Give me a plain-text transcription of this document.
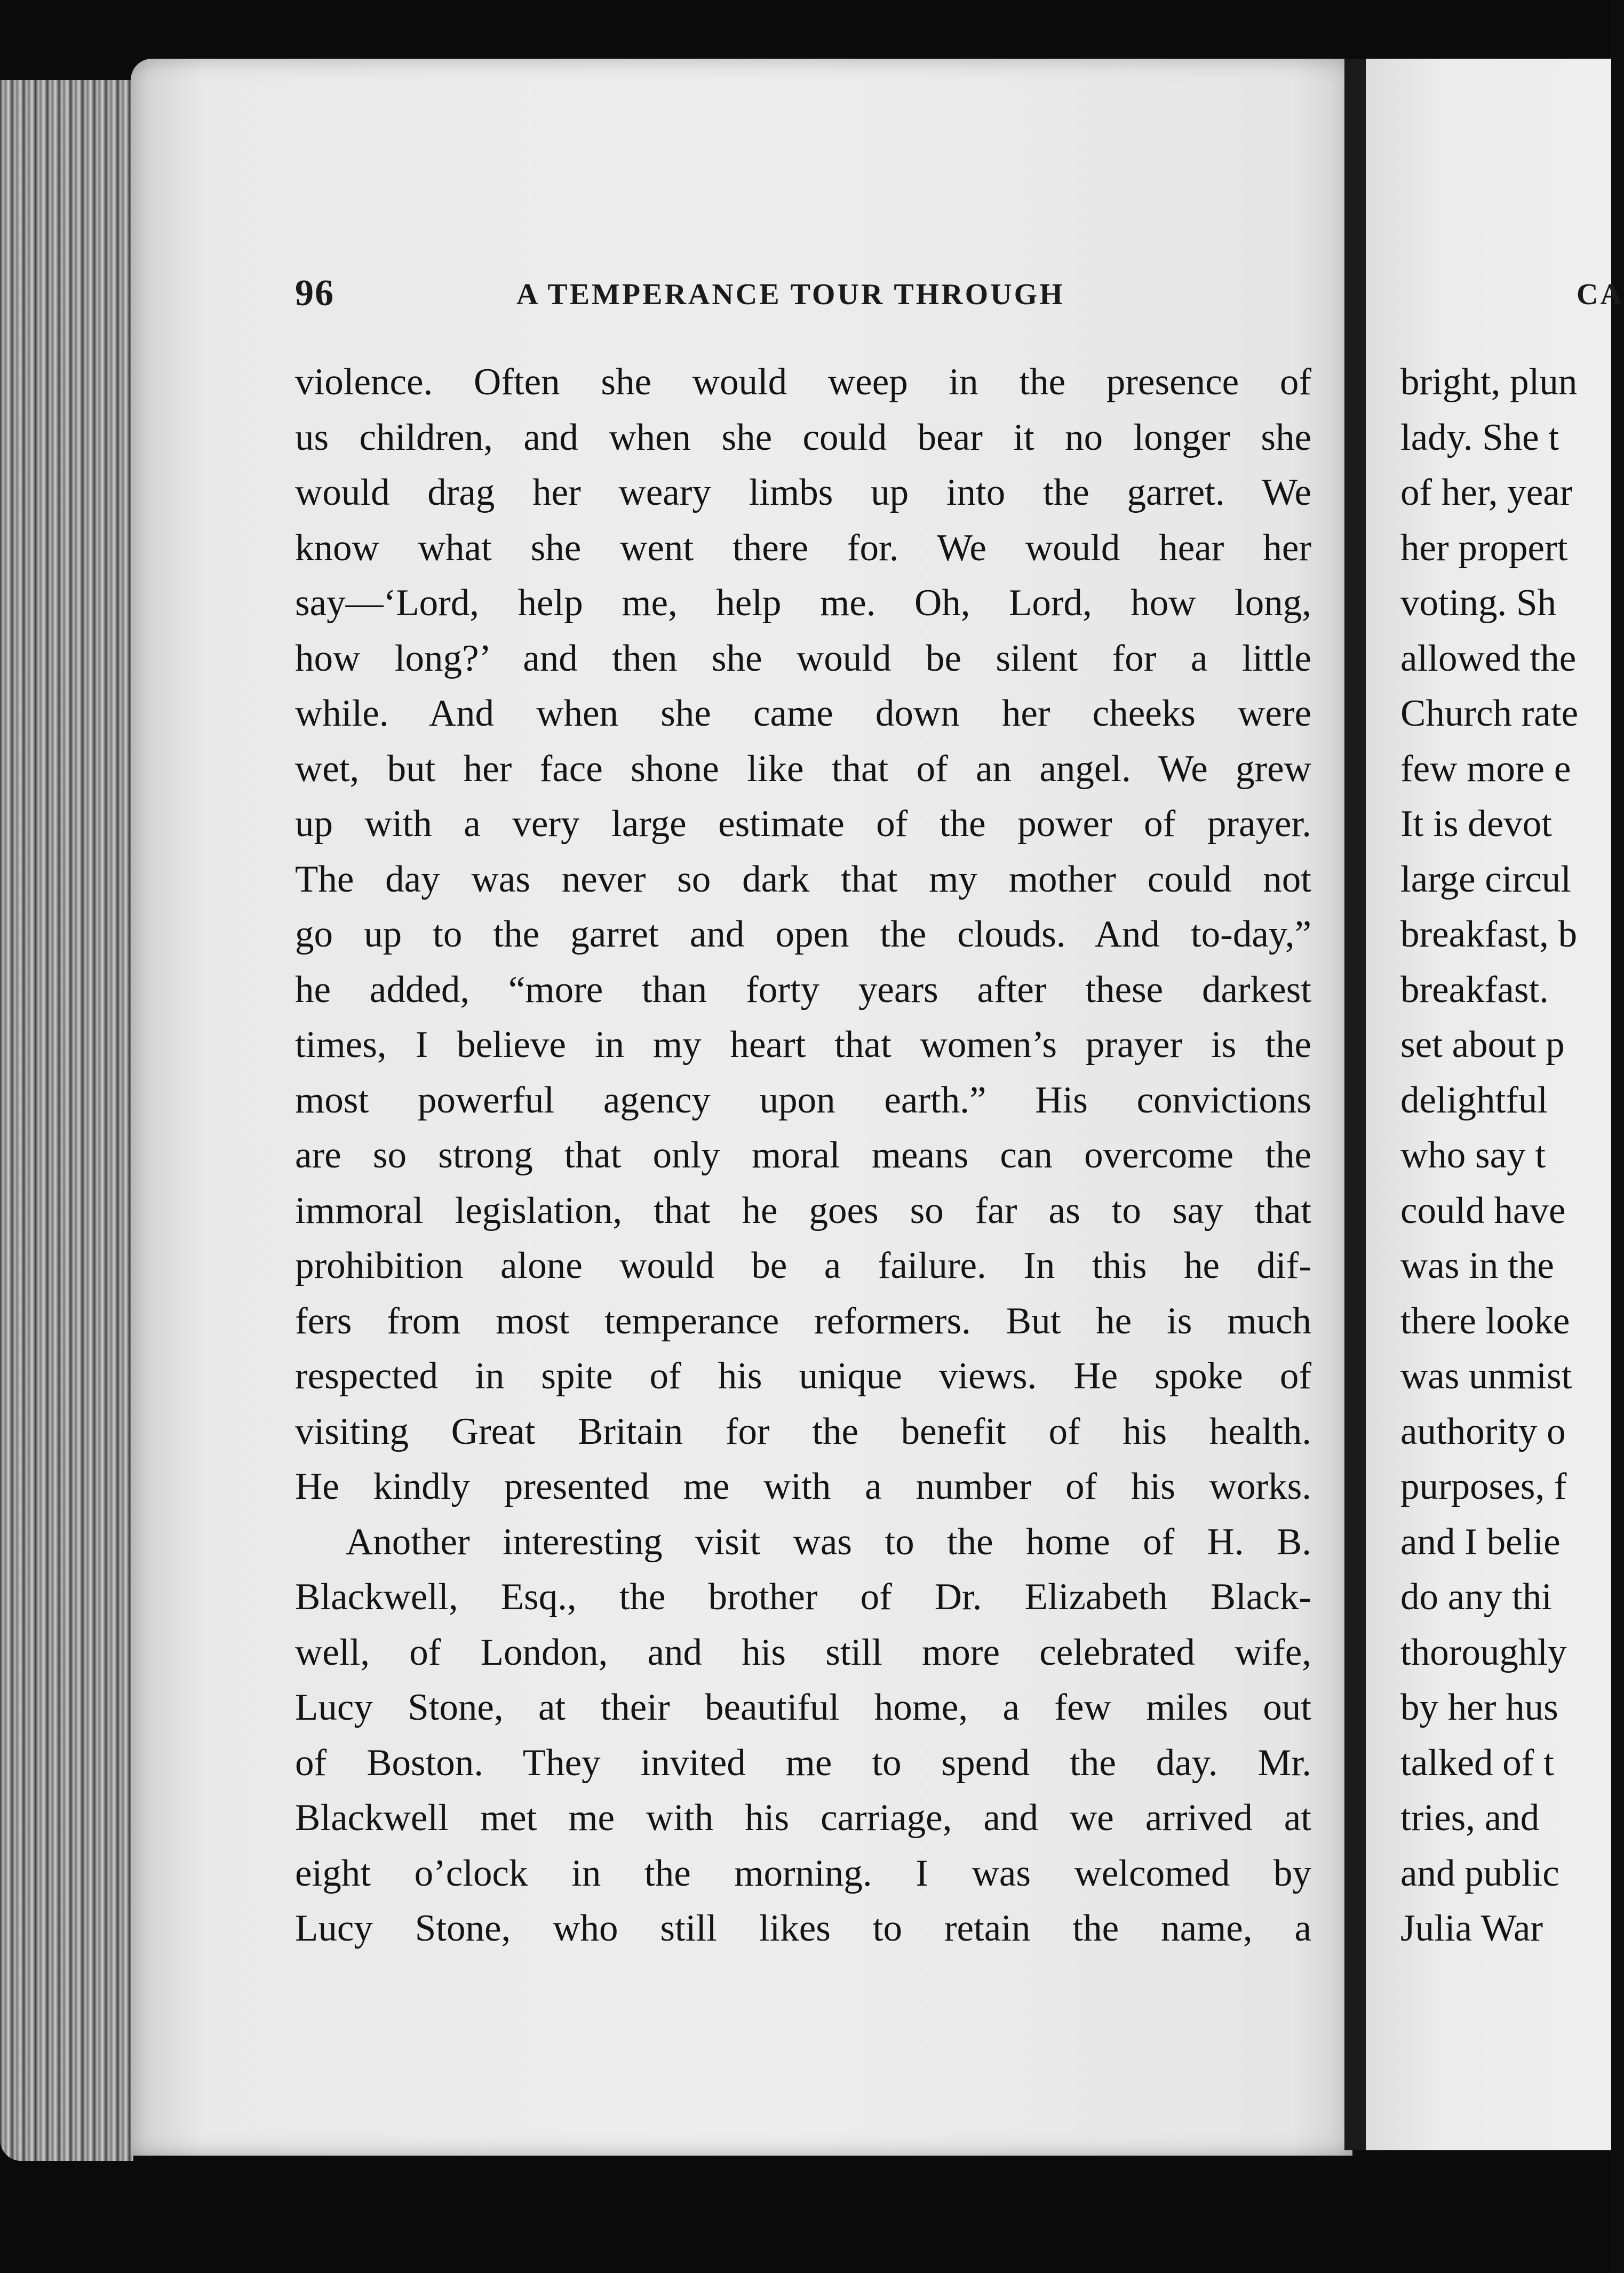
96	A TEMPERANCE TOUR THROUGH
violence. Often she would weep in the presence of
us children, and when she could bear it no longer she
would drag her weary limbs up into the garret. We
know what she went there for. We would hear her
say—‘Lord, help me, help me. Oh, Lord, how long,
how long?’ and then she would be silent for a little
while. And when she came down her cheeks were
wet, but her face shone like that of an angel. We grew
up with a very large estimate of the power of prayer.
The day was never so dark that my mother could not
go up to the garret and open the clouds. And to-day,”
he added, “more than forty years after these darkest
times, I believe in my heart that women’s prayer is the
most powerful agency upon earth.” His convictions
are so strong that only moral means can overcome the
immoral legislation, that he goes so far as to say that
prohibition alone would be a failure. In this he dif-
fers from most temperance reformers. But he is much
respected in spite of his unique views. He spoke of
visiting Great Britain for the benefit of his health.
He kindly presented me with a number of his works.
Another interesting visit was to the home of H. B.
Blackwell, Esq., the brother of Dr. Elizabeth Black-
well, of London, and his still more celebrated wife,
Lucy Stone, at their beautiful home, a few miles out
of Boston. They invited me to spend the day. Mr.
Blackwell met me with his carriage, and we arrived at
eight o’clock in the morning. I was welcomed by
Lucy Stone, who still likes to retain the name, a
CA
bright, plun
lady. She t
of her, year
her propert
voting. Sh
allowed the
Church rate
few more e
It is devot
large circul
breakfast, b
breakfast.
set about p
delightful
who say t
could have
was in the
there looke
was unmist
authority o
purposes, f
and I belie
do any thi
thoroughly
by her hus
talked of t
tries, and
and public
Julia War
